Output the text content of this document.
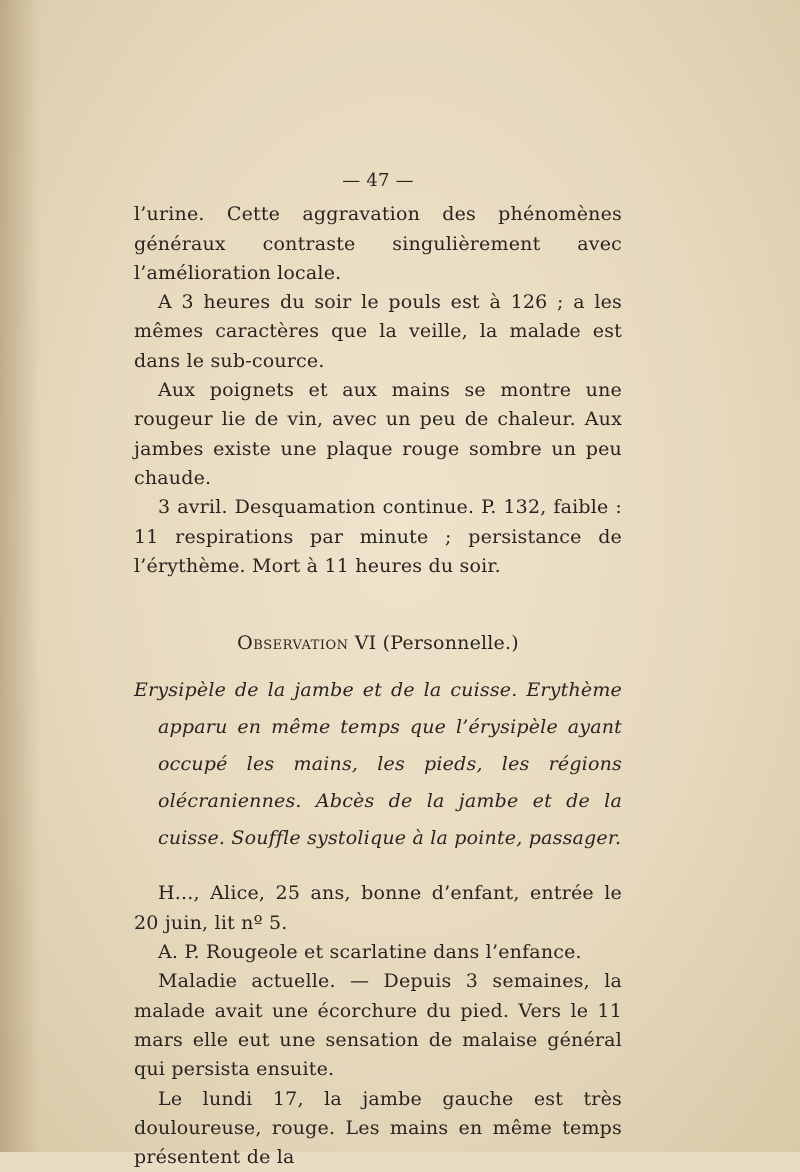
— 47 —

l’urine. Cette aggravation des phénomènes généraux contraste singulièrement avec l’amélioration locale.

A 3 heures du soir le pouls est à 126 ; a les mêmes caractères que la veille, la malade est dans le sub-cource.

Aux poignets et aux mains se montre une rougeur lie de vin, avec un peu de chaleur. Aux jambes existe une plaque rouge sombre un peu chaude.

3 avril. Desquamation continue. P. 132, faible : 11 respirations par minute ; persistance de l’érythème. Mort à 11 heures du soir.

Observation VI (Personnelle.)

Erysipèle de la jambe et de la cuisse. Erythème apparu en même temps que l’érysipèle ayant occupé les mains, les pieds, les régions olécraniennes. Abcès de la jambe et de la cuisse. Souffle systolique à la pointe, passager.

H..., Alice, 25 ans, bonne d’enfant, entrée le 20 juin, lit nº 5.

A. P. Rougeole et scarlatine dans l’enfance.

Maladie actuelle. — Depuis 3 semaines, la malade avait une écorchure du pied. Vers le 11 mars elle eut une sensation de malaise général qui persista ensuite.

Le lundi 17, la jambe gauche est très douloureuse, rouge. Les mains en même temps présentent de la
